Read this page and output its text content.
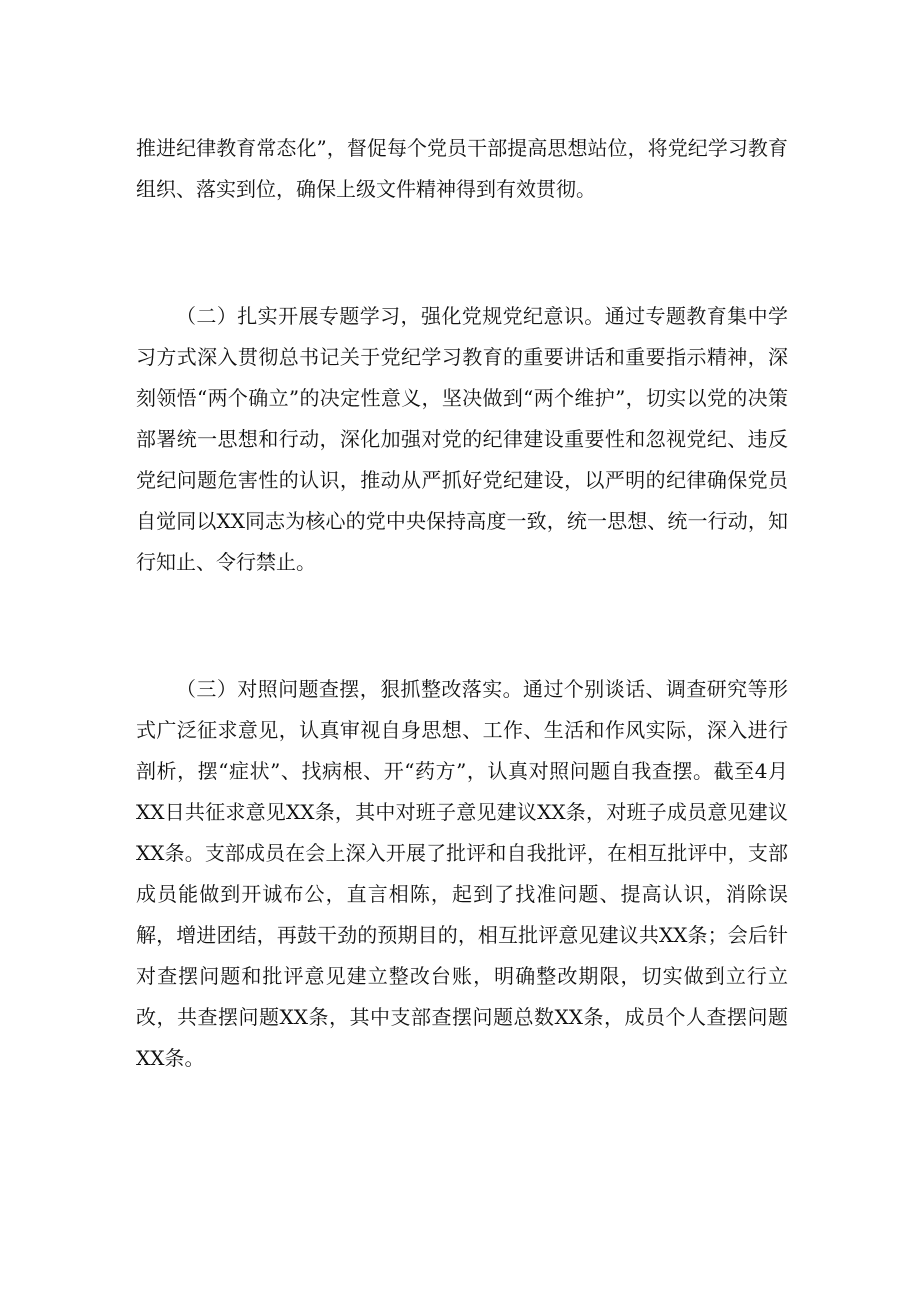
推进纪律教育常态化”，督促每个党员干部提高思想站位，将党纪学习教育组织、落实到位，确保上级文件精神得到有效贯彻。

（二）扎实开展专题学习，强化党规党纪意识。通过专题教育集中学习方式深入贯彻总书记关于党纪学习教育的重要讲话和重要指示精神，深刻领悟“两个确立”的决定性意义，坚决做到“两个维护”，切实以党的决策部署统一思想和行动，深化加强对党的纪律建设重要性和忽视党纪、违反党纪问题危害性的认识，推动从严抓好党纪建设，以严明的纪律确保党员自觉同以XX同志为核心的党中央保持高度一致，统一思想、统一行动，知行知止、令行禁止。

（三）对照问题查摆，狠抓整改落实。通过个别谈话、调查研究等形式广泛征求意见，认真审视自身思想、工作、生活和作风实际，深入进行剖析，摆“症状”、找病根、开“药方”，认真对照问题自我查摆。截至4月XX日共征求意见XX条，其中对班子意见建议XX条，对班子成员意见建议XX条。支部成员在会上深入开展了批评和自我批评，在相互批评中，支部成员能做到开诚布公，直言相陈，起到了找准问题、提高认识，消除误解，增进团结，再鼓干劲的预期目的，相互批评意见建议共XX条；会后针对查摆问题和批评意见建立整改台账，明确整改期限，切实做到立行立改，共查摆问题XX条，其中支部查摆问题总数XX条，成员个人查摆问题XX条。
